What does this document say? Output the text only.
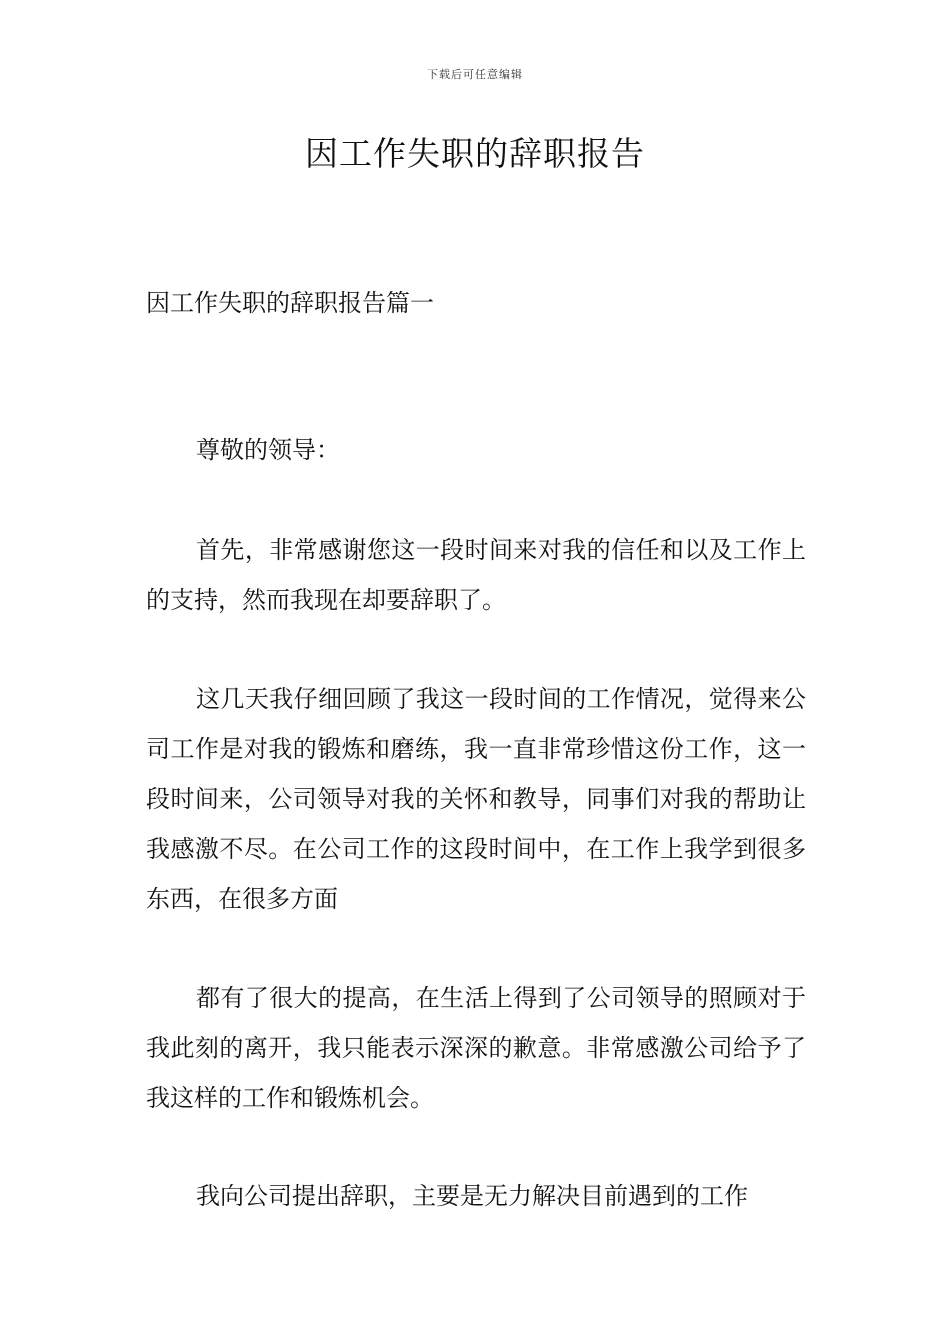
下载后可任意编辑
因工作失职的辞职报告
因工作失职的辞职报告篇一

尊敬的领导：

首先，非常感谢您这一段时间来对我的信任和以及工作上的支持，然而我现在却要辞职了。

这几天我仔细回顾了我这一段时间的工作情况，觉得来公司工作是对我的锻炼和磨练，我一直非常珍惜这份工作，这一段时间来，公司领导对我的关怀和教导，同事们对我的帮助让我感激不尽。在公司工作的这段时间中，在工作上我学到很多东西，在很多方面

都有了很大的提高，在生活上得到了公司领导的照顾对于我此刻的离开，我只能表示深深的歉意。非常感激公司给予了我这样的工作和锻炼机会。

我向公司提出辞职，主要是无力解决目前遇到的工作
